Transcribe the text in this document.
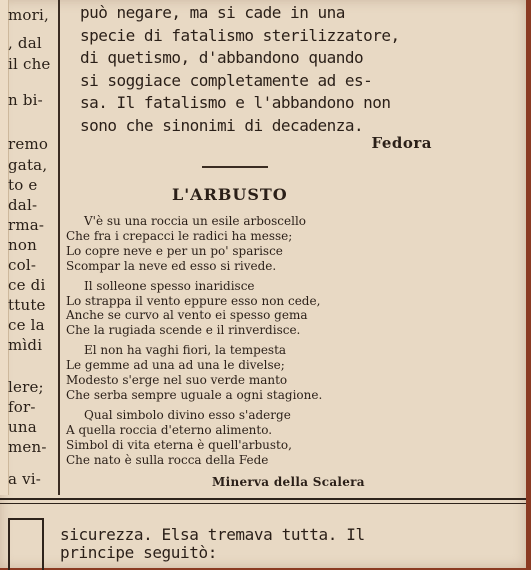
mori,
, dal
il che
n bi-
remo
gata,
to e
dal-
rma-
non
col-
ce di
ttute
ce la
mìdi
lere;
for-
una
men-
a vi-
può negare, ma si cade in una
specie di fatalismo sterilizzatore,
di quetismo, d'abbandono quando
si soggiace completamente ad es-
sa. Il fatalismo e l'abbandono non
sono che sinonimi di decadenza.
Fedora
L'ARBUSTO
V'è su una roccia un esile arboscello
Che fra i crepacci le radici ha messe;
Lo copre neve e per un po' sparisce
Scompar la neve ed esso si rivede.
Il solleone spesso inaridisce
Lo strappa il vento eppure esso non cede,
Anche se curvo al vento ei spesso gema
Che la rugiada scende e il rinverdisce.
El non ha vaghi fiori, la tempesta
Le gemme ad una ad una le divelse;
Modesto s'erge nel suo verde manto
Che serba sempre uguale a ogni stagione.
Qual simbolo divino esso s'aderge
A quella roccia d'eterno alimento.
Simbol di vita eterna è quell'arbusto,
Che nato è sulla rocca della Fede
Minerva della Scalera
sicurezza. Elsa tremava tutta. Il
principe seguitò:
